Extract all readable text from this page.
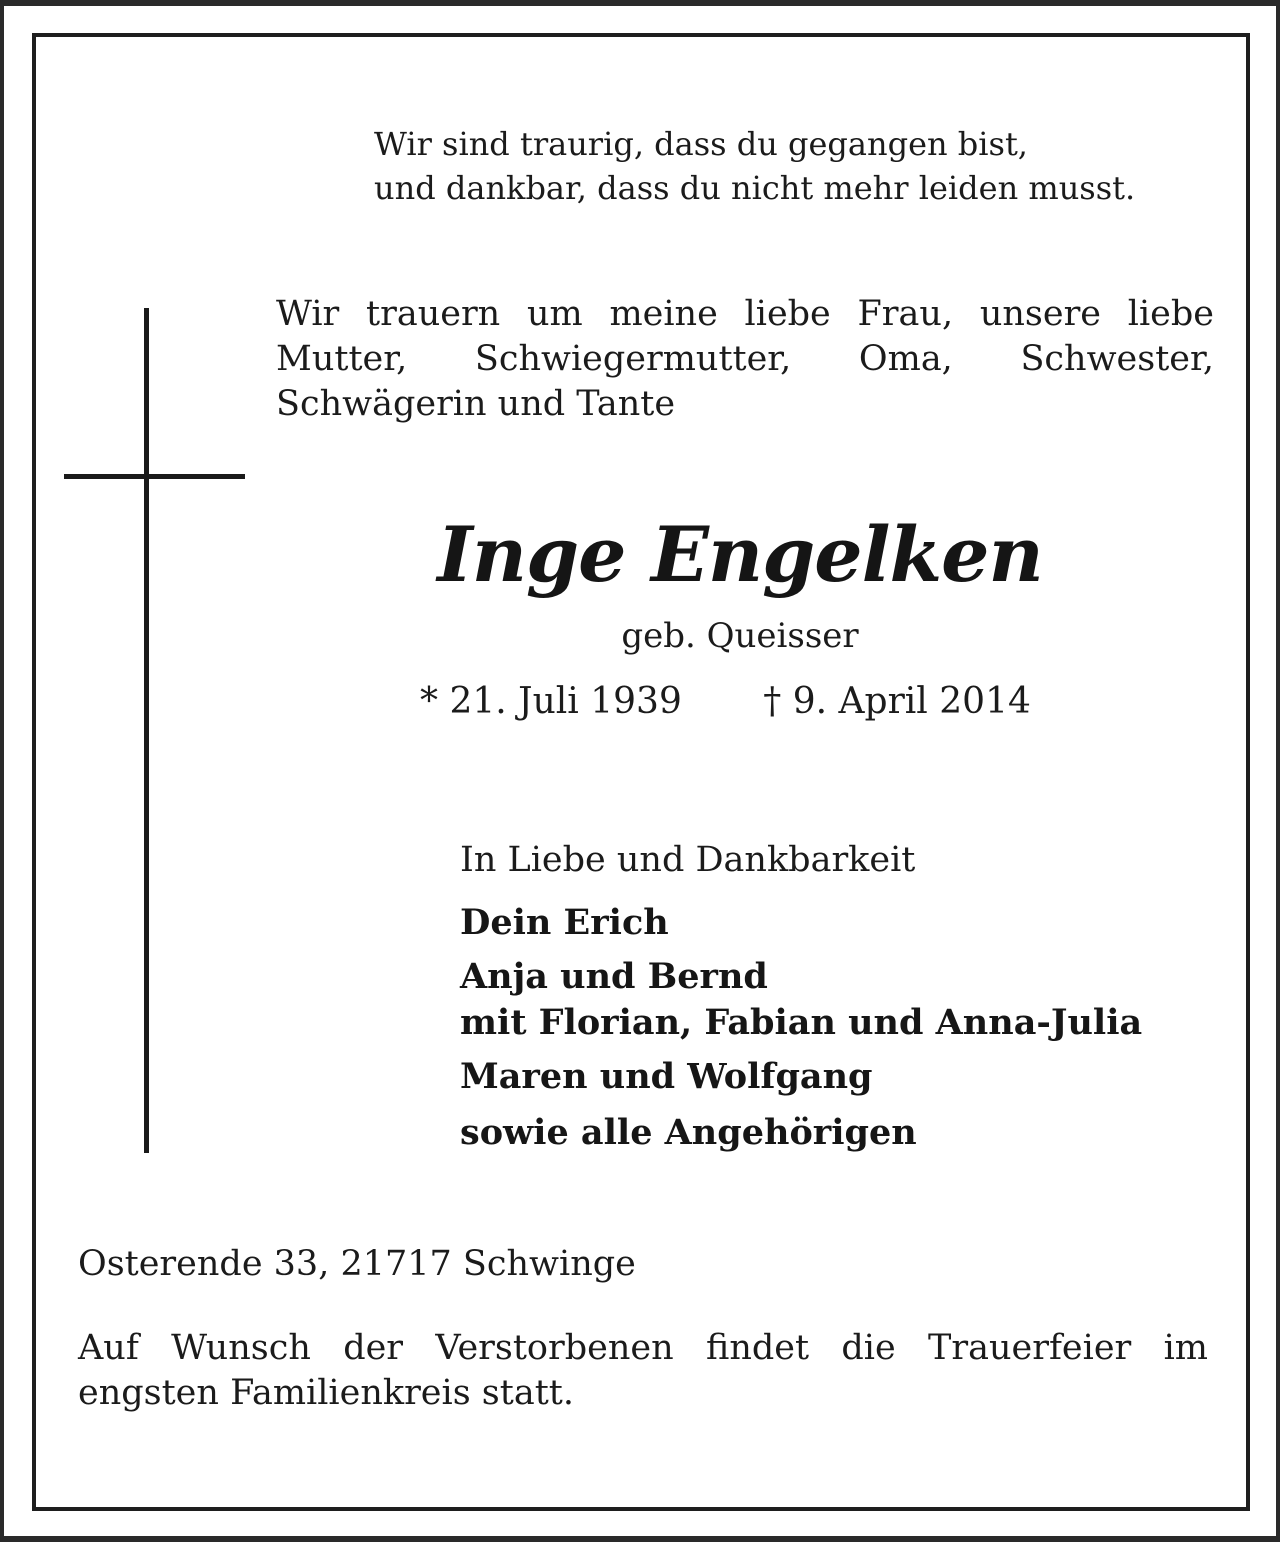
Wir sind traurig, dass du gegangen bist,
und dankbar, dass du nicht mehr leiden musst.
Wir trauern um meine liebe Frau, unsere liebe
Mutter, Schwiegermutter, Oma, Schwester,
Schwägerin und Tante
Inge Engelken
geb. Queisser
* 21. Juli 1939 † 9. April 2014
In Liebe und Dankbarkeit
Dein Erich
Anja und Bernd
mit Florian, Fabian und Anna-Julia
Maren und Wolfgang
sowie alle Angehörigen
Osterende 33, 21717 Schwinge
Auf Wunsch der Verstorbenen findet die Trauerfeier im
engsten Familienkreis statt.
